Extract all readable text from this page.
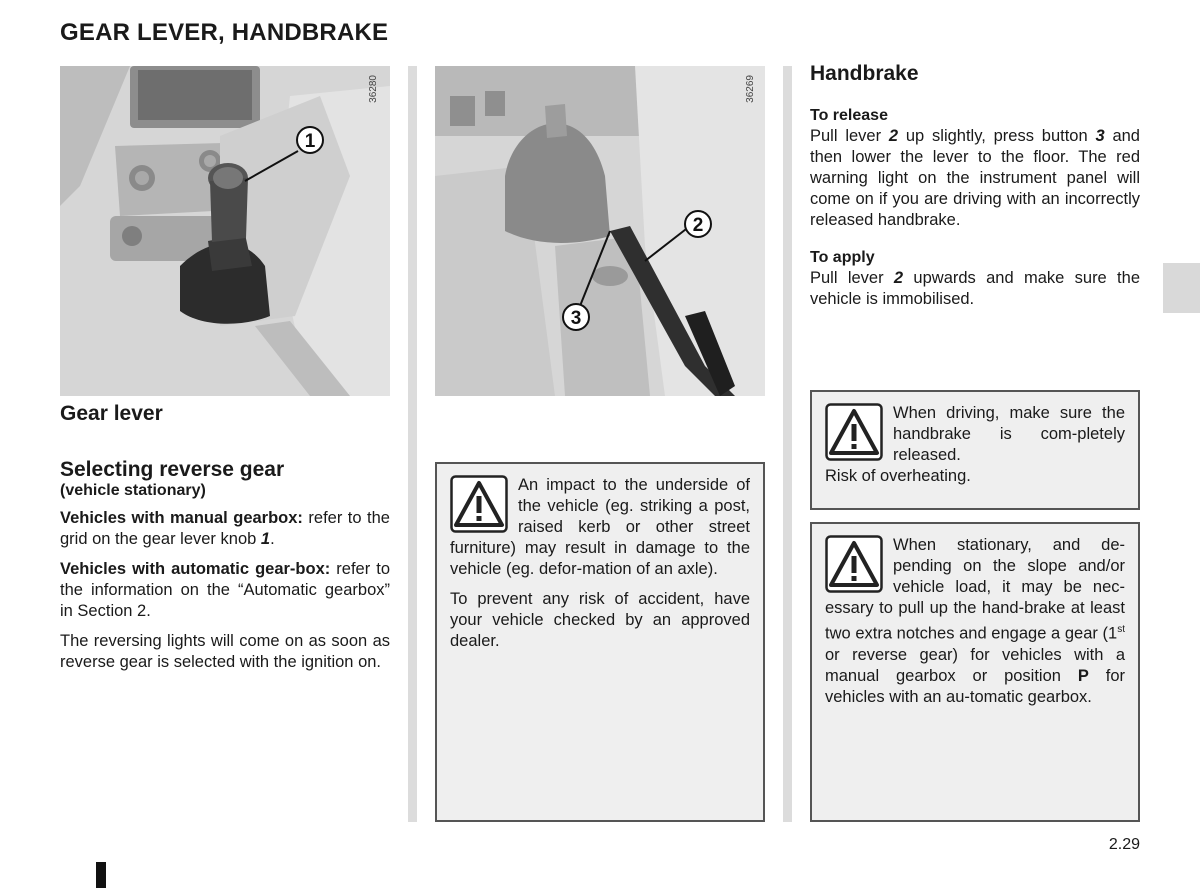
GEAR LEVER, HANDBRAKE
1
36280
2
3
36269
Gear lever
Selecting reverse gear
(vehicle stationary)

Vehicles with manual gearbox: refer to the grid on the gear lever knob 1.

Vehicles with automatic gear-box: refer to the information on the “Automatic gearbox” in Section 2.

The reversing lights will come on as soon as reverse gear is selected with the ignition on.

An impact to the underside of the vehicle (eg. striking a post, raised kerb or other street furniture) may result in damage to the vehicle (eg. defor-mation of an axle).

To prevent any risk of accident, have your vehicle checked by an approved dealer.

Handbrake
To release

Pull lever 2 up slightly, press button 3 and then lower the lever to the floor. The red warning light on the instrument panel will come on if you are driving with an incorrectly released handbrake.

To apply

Pull lever 2 upwards and make sure the vehicle is immobilised.

When driving, make sure the handbrake is com-pletely released.
Risk of overheating.
When stationary, and de-pending on the slope and/or vehicle load, it may be nec-essary to pull up the hand-brake at least two extra notches and engage a gear (1st or reverse gear) for vehicles with a manual gearbox or position P for vehicles with an au-tomatic gearbox.
2.29
